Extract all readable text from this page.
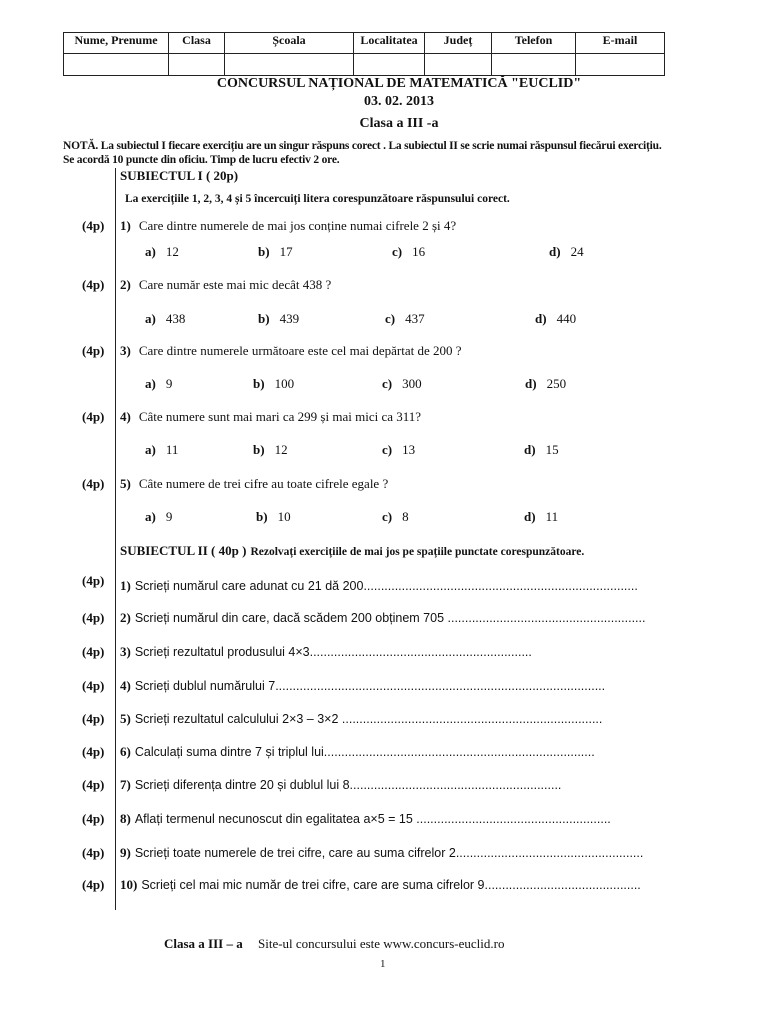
Nume, Prenume	Clasa	Școala	Localitatea	Județ	Telefon	E-mail

CONCURSUL NAȚIONAL DE MATEMATICĂ "EUCLID"
03. 02. 2013
Clasa a III -a
NOTĂ. La subiectul I fiecare exercițiu are un singur răspuns corect . La subiectul II se scrie numai răspunsul fiecărui exercițiu. Se acordă 10 puncte din oficiu. Timp de lucru efectiv 2 ore.
SUBIECTUL I ( 20p)
La exercițiile 1, 2, 3, 4 și 5 încercuiți litera corespunzătoare răspunsului corect.
(4p) 1) Care dintre numerele de mai jos conține numai cifrele 2 și 4?
a) 12	b) 17	c) 16	d) 24
(4p) 2) Care număr este mai mic decât 438 ?
a) 438	b) 439	c) 437	d) 440
(4p) 3) Care dintre numerele următoare este cel mai depărtat de 200 ?
a) 9	b) 100	c) 300	d) 250
(4p) 4) Câte numere sunt mai mari ca 299 și mai mici ca 311?
a) 11	b) 12	c) 13	d) 15
(4p) 5) Câte numere de trei cifre au toate cifrele egale ?
a) 9	b) 10	c) 8	d) 11
SUBIECTUL II ( 40p ) Rezolvați exercițiile de mai jos pe spațiile punctate corespunzătoare.
(4p) 1) Scrieți numărul care adunat cu 21 dă 200...............................................................................
(4p) 2) Scrieți numărul din care, dacă scădem 200 obținem 705 .........................................................
(4p) 3) Scrieți rezultatul produsului 4×3................................................................
(4p) 4) Scrieți dublul numărului 7...............................................................................................
(4p) 5) Scrieți rezultatul calculului 2×3 – 3×2 ...........................................................................
(4p) 6) Calculați suma dintre 7 și triplul lui..............................................................................
(4p) 7) Scrieți diferența dintre 20 și dublul lui 8.............................................................
(4p) 8) Aflați termenul necunoscut din egalitatea a×5 = 15 ........................................................
(4p) 9) Scrieți toate numerele de trei cifre, care au suma cifrelor 2......................................................
(4p) 10) Scrieți cel mai mic număr de trei cifre, care are suma cifrelor 9.............................................
Clasa a III – a Site-ul concursului este www.concurs-euclid.ro
1
